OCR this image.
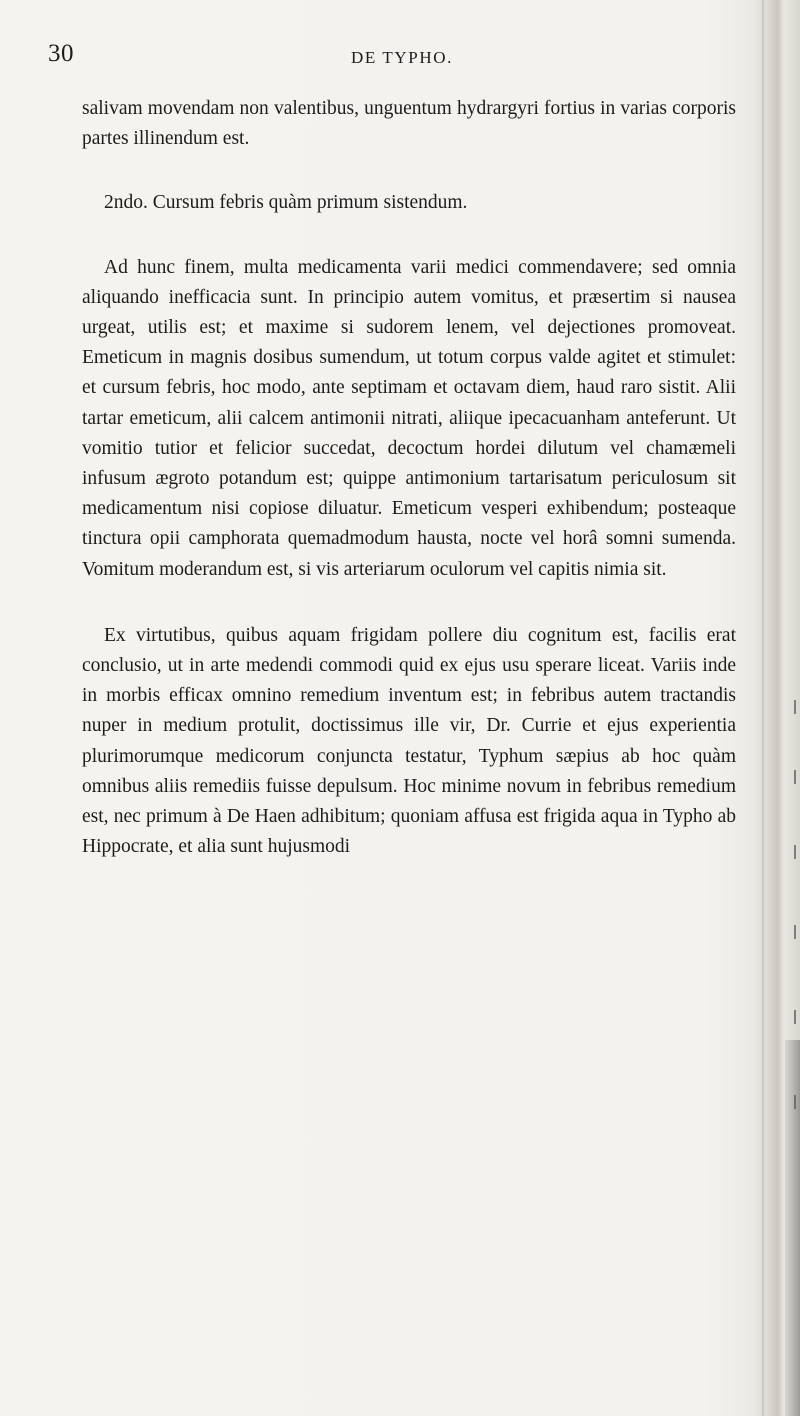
30	DE TYPHO.

salivam movendam non valentibus, unguentum hydrargyri fortius in varias corporis partes illinendum est.

2ndo. Cursum febris quàm primum sistendum.

Ad hunc finem, multa medicamenta varii medici commendavere; sed omnia aliquando inefficacia sunt. In principio autem vomitus, et præsertim si nausea urgeat, utilis est; et maxime si sudorem lenem, vel dejectiones promoveat. Emeticum in magnis dosibus sumendum, ut totum corpus valde agitet et stimulet: et cursum febris, hoc modo, ante septimam et octavam diem, haud raro sistit. Alii tartar emeticum, alii calcem antimonii nitrati, aliique ipecacuanham anteferunt. Ut vomitio tutior et felicior succedat, decoctum hordei dilutum vel chamæmeli infusum ægroto potandum est; quippe antimonium tartarisatum periculosum sit medicamentum nisi copiose diluatur. Emeticum vesperi exhibendum; posteaque tinctura opii camphorata quemadmodum hausta, nocte vel horâ somni sumenda. Vomitum moderandum est, si vis arteriarum oculorum vel capitis nimia sit.

Ex virtutibus, quibus aquam frigidam pollere diu cognitum est, facilis erat conclusio, ut in arte medendi commodi quid ex ejus usu sperare liceat. Variis inde in morbis efficax omnino remedium inventum est; in febribus autem tractandis nuper in medium protulit, doctissimus ille vir, Dr. Currie et ejus experientia plurimorumque medicorum conjuncta testatur, Typhum sæpius ab hoc quàm omnibus aliis remediis fuisse depulsum. Hoc minime novum in febribus remedium est, nec primum à De Haen adhibitum; quoniam affusa est frigida aqua in Typho ab Hippocrate, et alia sunt hujusmodi
